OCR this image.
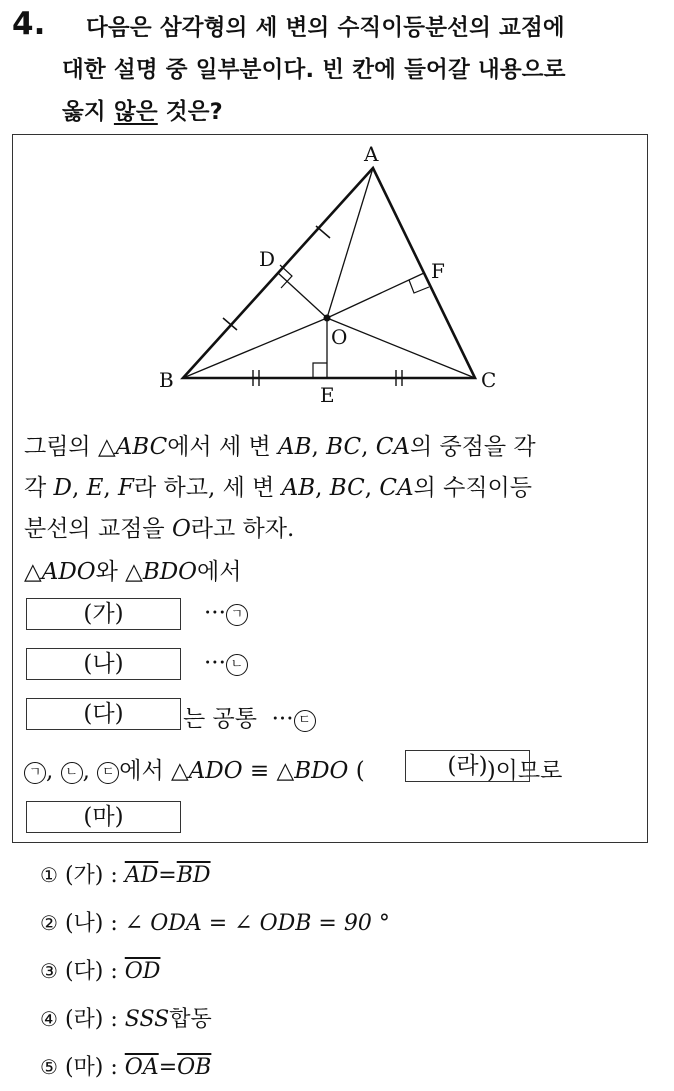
4. 다음은 삼각형의 세 변의 수직이등분선의 교점에
대한 설명 중 일부분이다. 빈 칸에 들어갈 내용으로
옳지 않은 것은?
A
B	C
D
E
F
O
그림의 △ABC에서 세 변 AB, BC, CA의 중점을 각
각 D, E, F라 하고, 세 변 AB, BC, CA의 수직이등
분선의 교점을 O라고 하자.
△ADO와 △BDO에서
(가)	··· ㄱ
(나)	··· ㄴ
(다)	는 공통 ··· ㄷ
ㄱ , ㄴ , ㄷ 에서 △ADO ≡ △BDO (	)이므로
(라)
(마)
① (가) : $\overline{AD}=\overline{BD}$
② (나) : ∠ ODA = ∠ ODB = 90 °
③ (다) : $\overline{OD}$
④ (라) : SSS합동
⑤ (마) : $\overline{OA}=\overline{OB}$
